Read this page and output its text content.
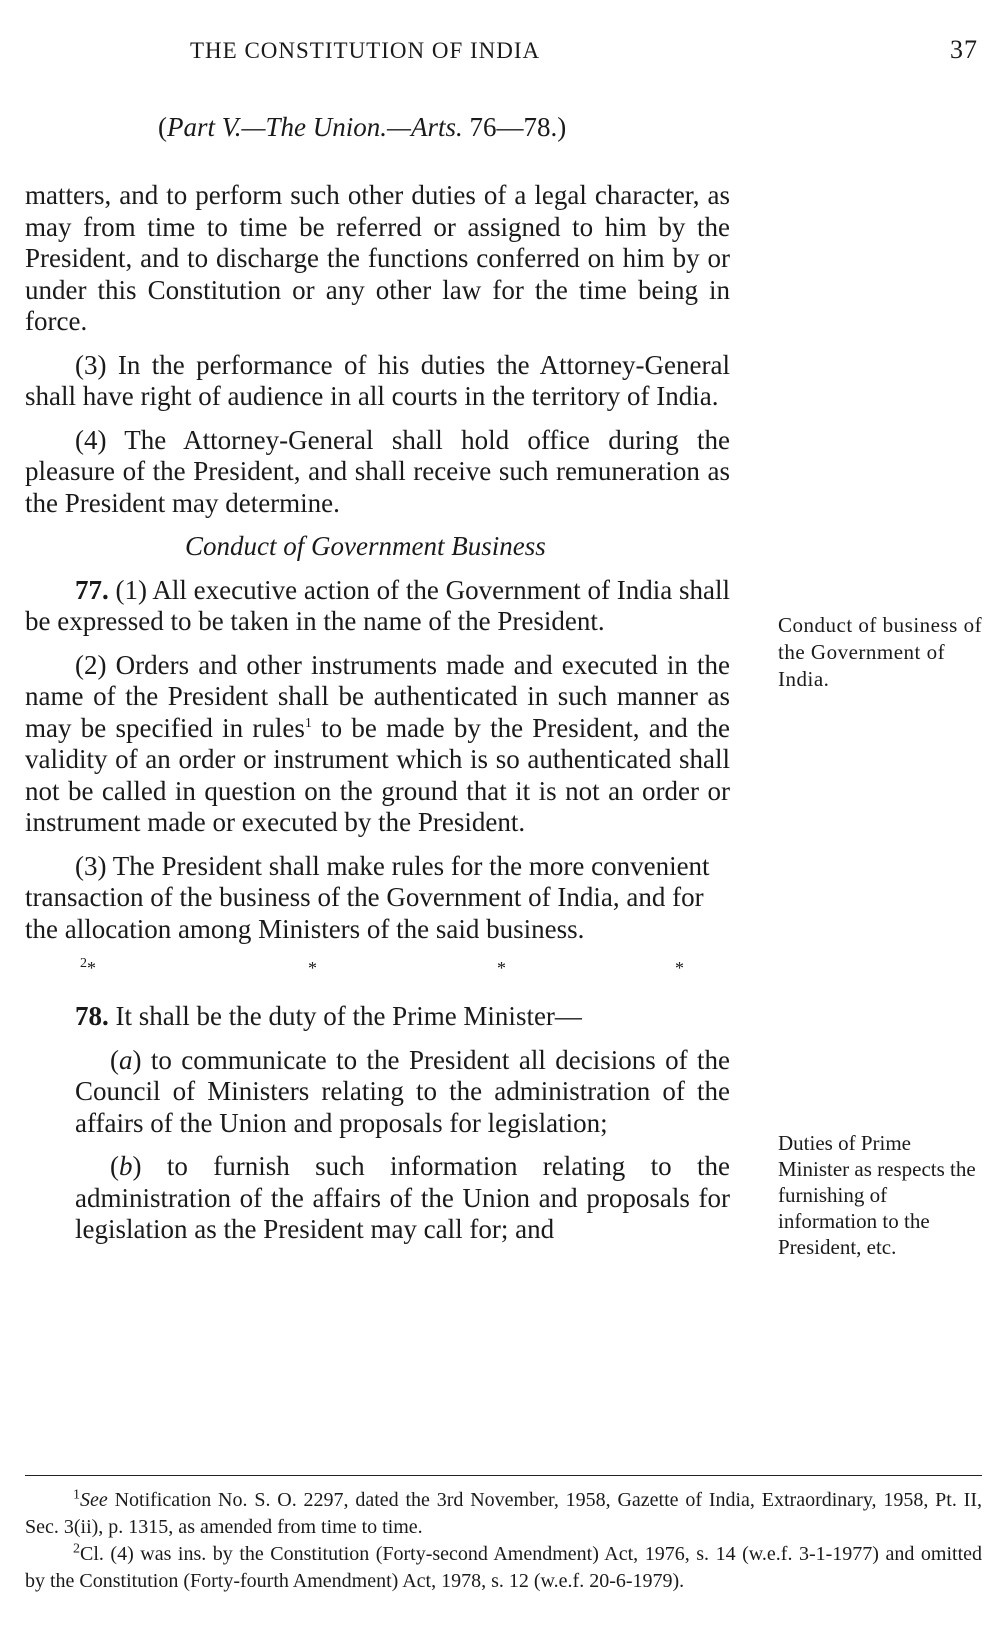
THE CONSTITUTION OF INDIA	37
(Part V.—The Union.—Arts. 76—78.)

matters, and to perform such other duties of a legal character, as may from time to time be referred or assigned to him by the President, and to discharge the functions conferred on him by or under this Constitution or any other law for the time being in force.

(3) In the performance of his duties the Attorney-General shall have right of audience in all courts in the territory of India.

(4) The Attorney-General shall hold office during the pleasure of the President, and shall receive such remuneration as the President may determine.

Conduct of Government Business

77. (1) All executive action of the Government of India shall be expressed to be taken in the name of the President.

(2) Orders and other instruments made and executed in the name of the President shall be authenticated in such manner as may be specified in rules$^1$ to be made by the President, and the validity of an order or instrument which is so authenticated shall not be called in question on the ground that it is not an order or instrument made or executed by the President.

(3) The President shall make rules for the more convenient transaction of the business of the Government of India, and for the allocation among Ministers of the said business.

$^2$*	*	*	*

78. It shall be the duty of the Prime Minister—

(a) to communicate to the President all decisions of the Council of Ministers relating to the administration of the affairs of the Union and proposals for legislation;

(b) to furnish such information relating to the administration of the affairs of the Union and proposals for legislation as the President may call for; and

Conduct of business of the Government of India.
Duties of Prime Minister as respects the furnishing of information to the President, etc.

$^1$See Notification No. S. O. 2297, dated the 3rd November, 1958, Gazette of India, Extraordinary, 1958, Pt. II, Sec. 3(ii), p. 1315, as amended from time to time.

$^2$Cl. (4) was ins. by the Constitution (Forty-second Amendment) Act, 1976, s. 14 (w.e.f. 3-1-1977) and omitted by the Constitution (Forty-fourth Amendment) Act, 1978, s. 12 (w.e.f. 20-6-1979).
